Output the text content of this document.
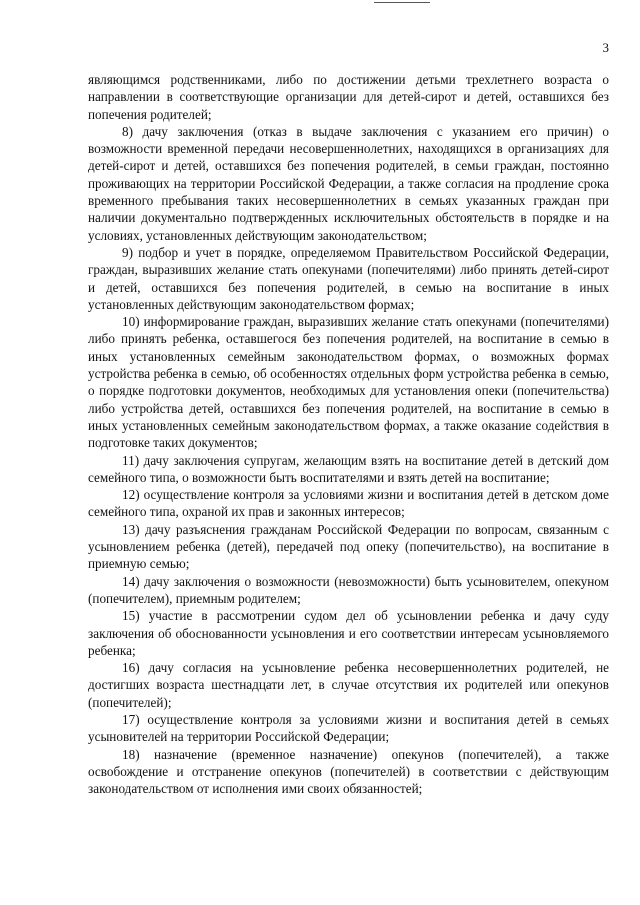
3

являющимся родственниками, либо по достижении детьми трехлетнего возраста о направлении в соответствующие организации для детей-сирот и детей, оставшихся без попечения родителей;

8) дачу заключения (отказ в выдаче заключения с указанием его причин) о возможности временной передачи несовершеннолетних, находящихся в организациях для детей-сирот и детей, оставшихся без попечения родителей, в семьи граждан, постоянно проживающих на территории Российской Федерации, а также согласия на продление срока временного пребывания таких несовершеннолетних в семьях указанных граждан при наличии документально подтвержденных исключительных обстоятельств в порядке и на условиях, установленных действующим законодательством;

9) подбор и учет в порядке, определяемом Правительством Российской Федерации, граждан, выразивших желание стать опекунами (попечителями) либо принять детей-сирот и детей, оставшихся без попечения родителей, в семью на воспитание в иных установленных действующим законодательством формах;

10) информирование граждан, выразивших желание стать опекунами (попечителями) либо принять ребенка, оставшегося без попечения родителей, на воспитание в семью в иных установленных семейным законодательством формах, о возможных формах устройства ребенка в семью, об особенностях отдельных форм устройства ребенка в семью, о порядке подготовки документов, необходимых для установления опеки (попечительства) либо устройства детей, оставшихся без попечения родителей, на воспитание в семью в иных установленных семейным законодательством формах, а также оказание содействия в подготовке таких документов;

11) дачу заключения супругам, желающим взять на воспитание детей в детский дом семейного типа, о возможности быть воспитателями и взять детей на воспитание;

12) осуществление контроля за условиями жизни и воспитания детей в детском доме семейного типа, охраной их прав и законных интересов;

13) дачу разъяснения гражданам Российской Федерации по вопросам, связанным с усыновлением ребенка (детей), передачей под опеку (попечительство), на воспитание в приемную семью;

14) дачу заключения о возможности (невозможности) быть усыновителем, опекуном (попечителем), приемным родителем;

15) участие в рассмотрении судом дел об усыновлении ребенка и дачу суду заключения об обоснованности усыновления и его соответствии интересам усыновляемого ребенка;

16) дачу согласия на усыновление ребенка несовершеннолетних родителей, не достигших возраста шестнадцати лет, в случае отсутствия их родителей или опекунов (попечителей);

17) осуществление контроля за условиями жизни и воспитания детей в семьях усыновителей на территории Российской Федерации;

18) назначение (временное назначение) опекунов (попечителей), а также освобождение и отстранение опекунов (попечителей) в соответствии с действующим законодательством от исполнения ими своих обязанностей;
